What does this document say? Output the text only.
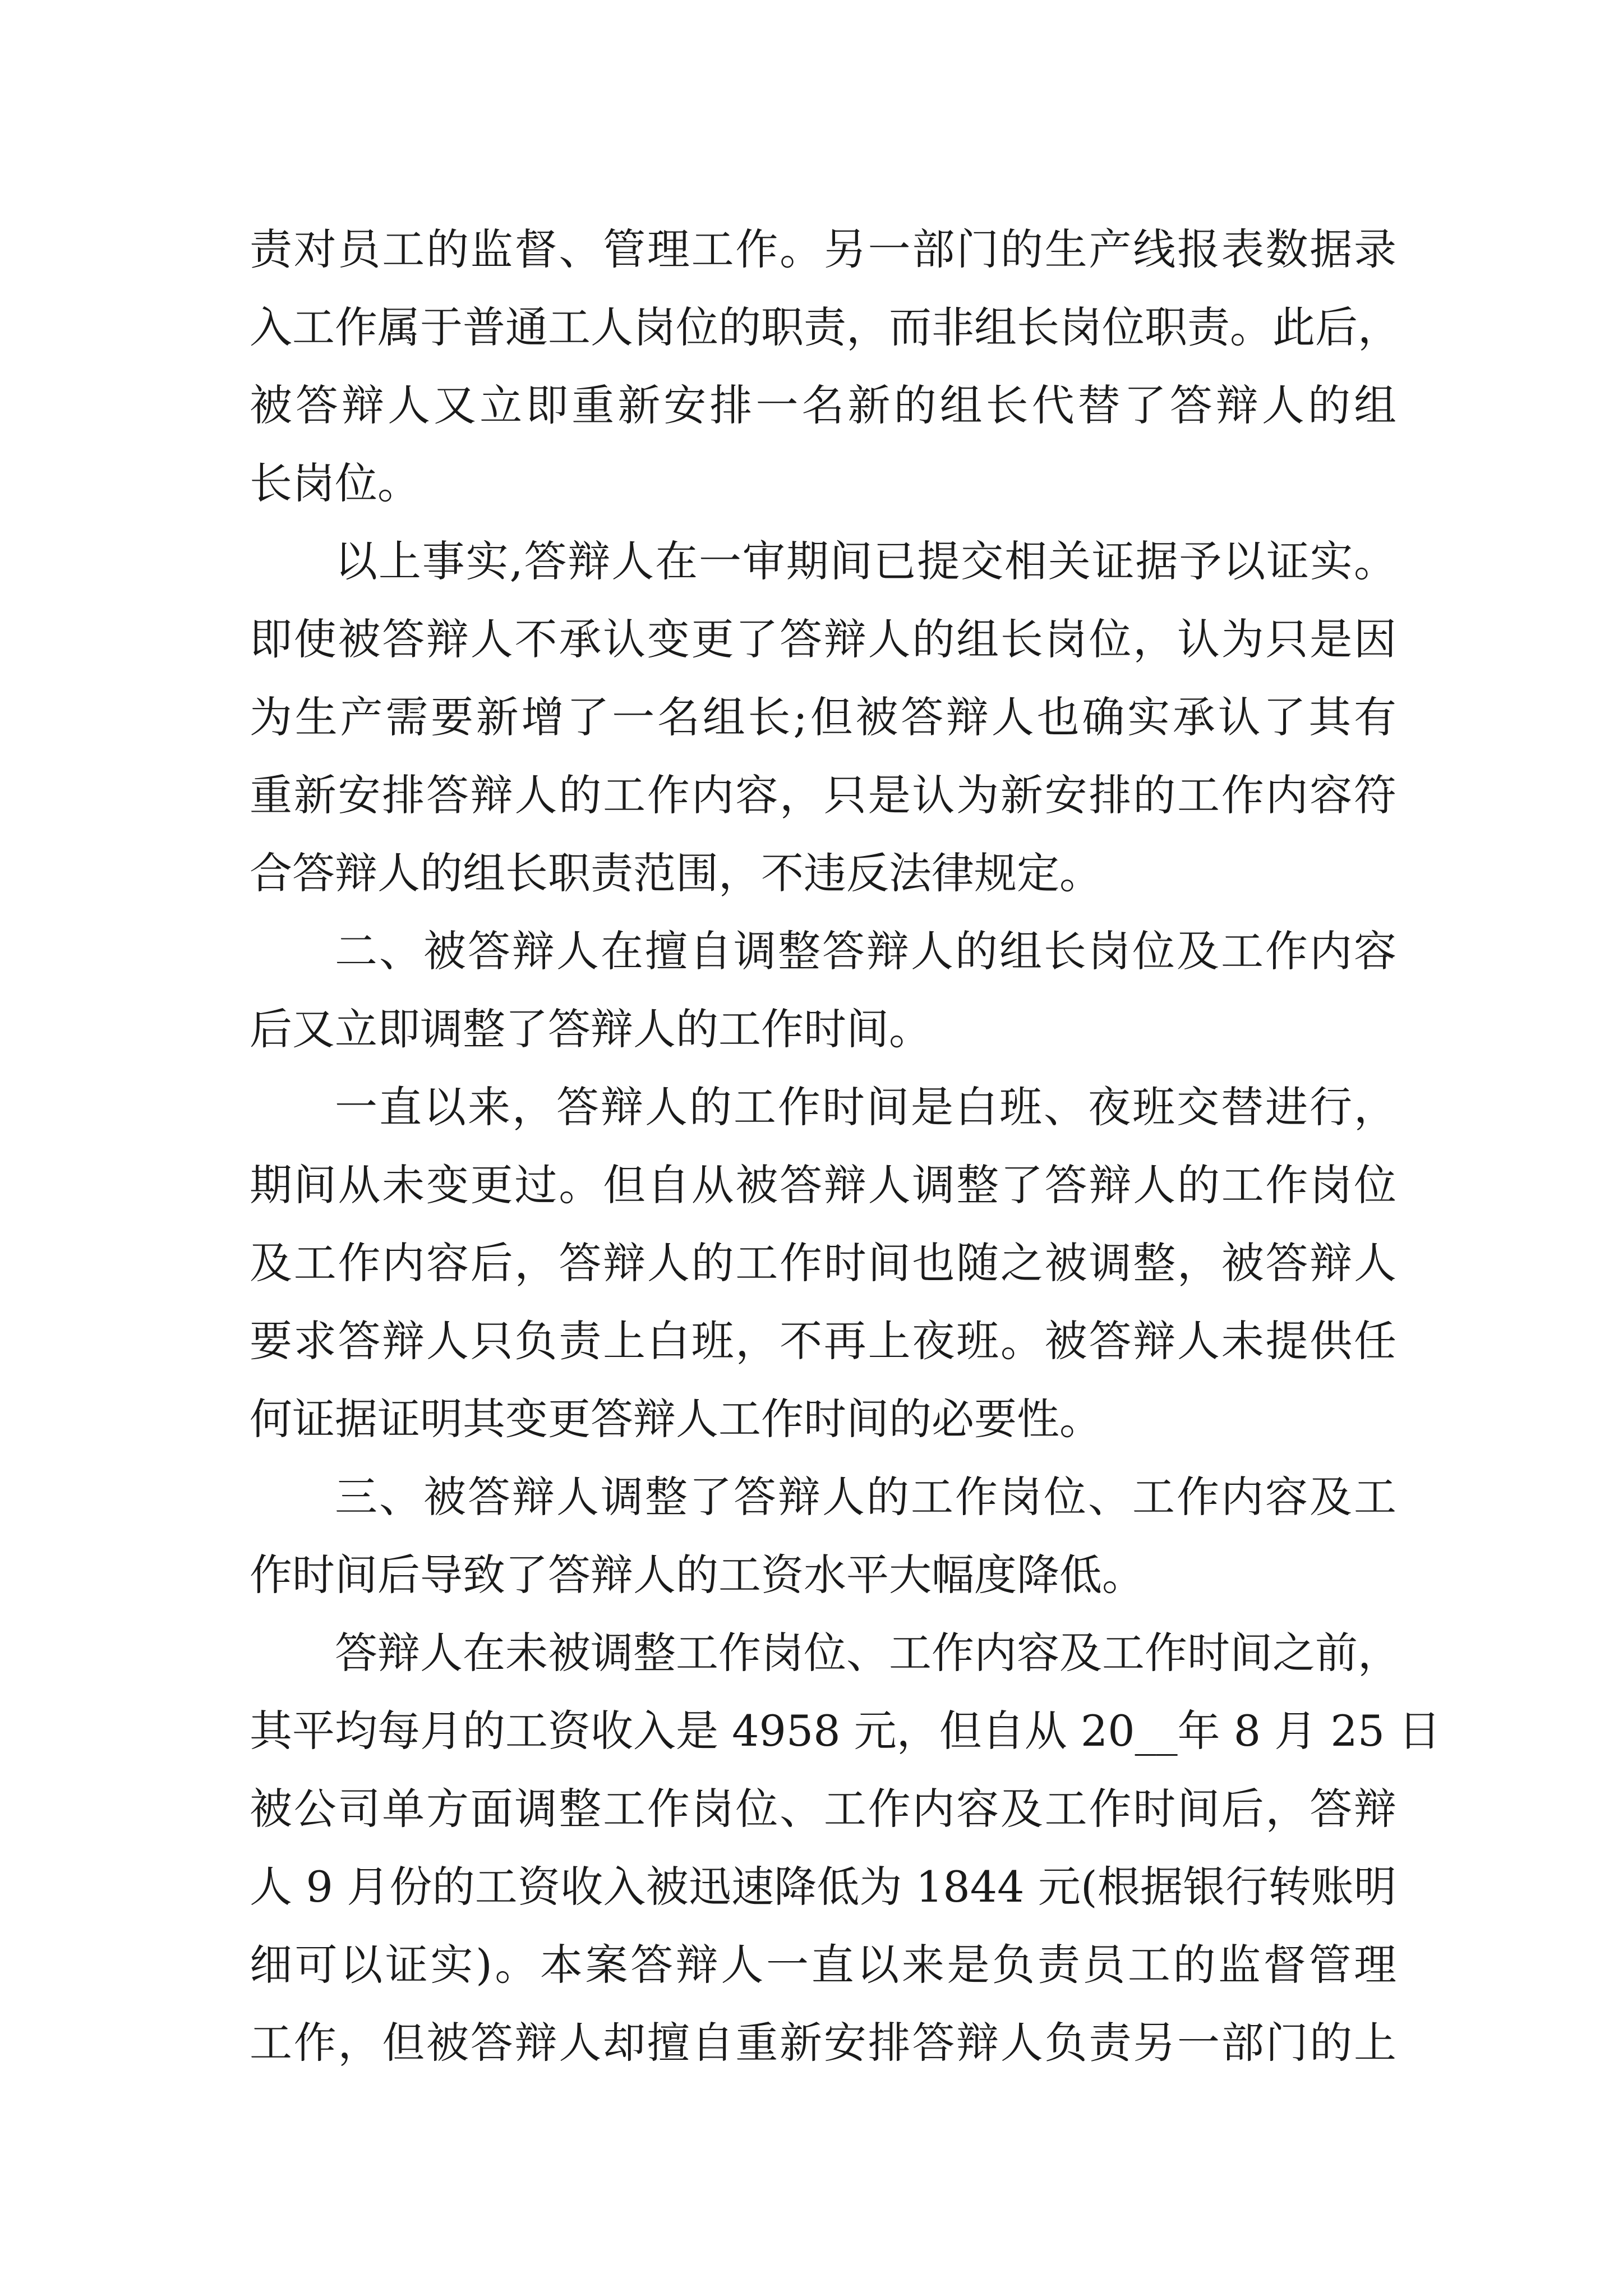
责对员工的监督、管理工作。另一部门的生产线报表数据录
入工作属于普通工人岗位的职责，而非组长岗位职责。此后，
被答辩人又立即重新安排一名新的组长代替了答辩人的组
长岗位。
以上事实,答辩人在一审期间已提交相关证据予以证实。
即使被答辩人不承认变更了答辩人的组长岗位，认为只是因
为生产需要新增了一名组长;但被答辩人也确实承认了其有
重新安排答辩人的工作内容，只是认为新安排的工作内容符
合答辩人的组长职责范围，不违反法律规定。
二、被答辩人在擅自调整答辩人的组长岗位及工作内容
后又立即调整了答辩人的工作时间。
一直以来，答辩人的工作时间是白班、夜班交替进行，
期间从未变更过。但自从被答辩人调整了答辩人的工作岗位
及工作内容后，答辩人的工作时间也随之被调整，被答辩人
要求答辩人只负责上白班，不再上夜班。被答辩人未提供任
何证据证明其变更答辩人工作时间的必要性。
三、被答辩人调整了答辩人的工作岗位、工作内容及工
作时间后导致了答辩人的工资水平大幅度降低。
答辩人在未被调整工作岗位、工作内容及工作时间之前，
其平均每月的工资收入是 4958 元，但自从 20__年 8 月 25 日
被公司单方面调整工作岗位、工作内容及工作时间后，答辩
人 9 月份的工资收入被迅速降低为 1844 元(根据银行转账明
细可以证实)。本案答辩人一直以来是负责员工的监督管理
工作，但被答辩人却擅自重新安排答辩人负责另一部门的上
